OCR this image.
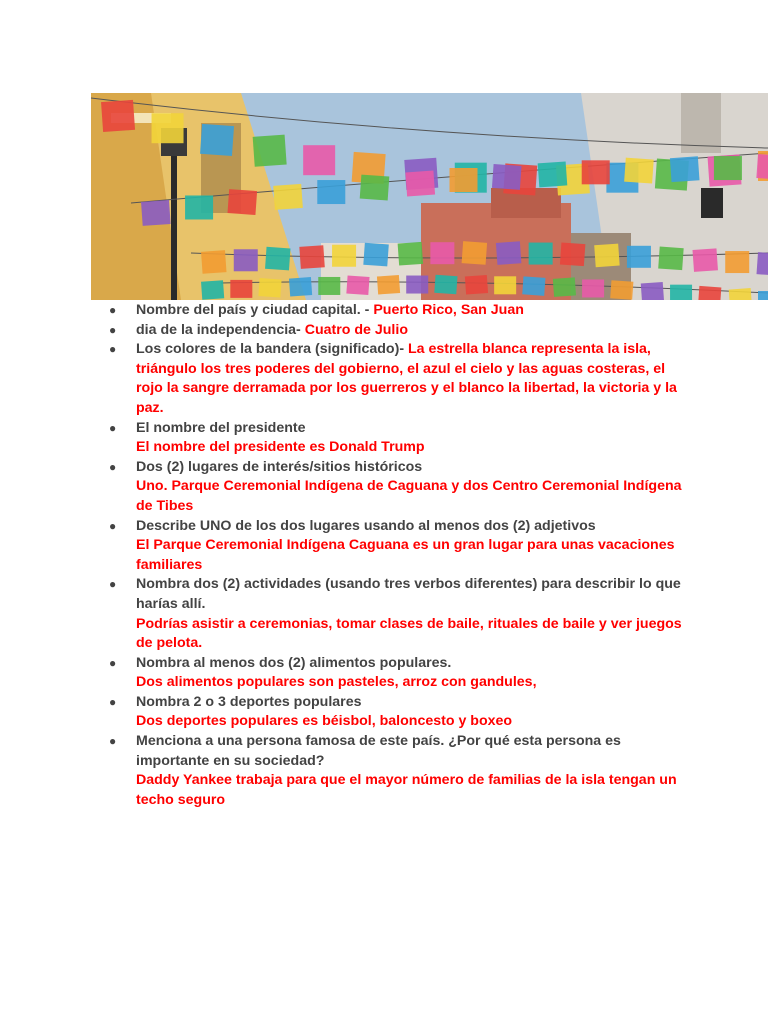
● Nombre del país y ciudad capital. - Puerto Rico, San Juan
● dia de la independencia- Cuatro de Julio
● Los colores de la bandera (significado)- La estrella blanca representa la isla, triángulo los tres poderes del gobierno, el azul el cielo y las aguas costeras, el rojo la sangre derramada por los guerreros y el blanco la libertad, la victoria y la paz.
● El nombre del presidente
El nombre del presidente es Donald Trump
● Dos (2) lugares de interés/sitios históricos
Uno. Parque Ceremonial Indígena de Caguana y dos Centro Ceremonial Indígena de Tibes
● Describe UNO de los dos lugares usando al menos dos (2) adjetivos
El Parque Ceremonial Indígena Caguana es un gran lugar para unas vacaciones familiares
● Nombra dos (2) actividades (usando tres verbos diferentes) para describir lo que harías allí.
Podrías asistir a ceremonias, tomar clases de baile, rituales de baile y ver juegos de pelota.
● Nombra al menos dos (2) alimentos populares.
Dos alimentos populares son pasteles, arroz con gandules,
● Nombra 2 o 3 deportes populares
Dos deportes populares es béisbol, baloncesto y boxeo
● Menciona a una persona famosa de este país. ¿Por qué esta persona es importante en su sociedad?
Daddy Yankee trabaja para que el mayor número de familias de la isla tengan un techo seguro
